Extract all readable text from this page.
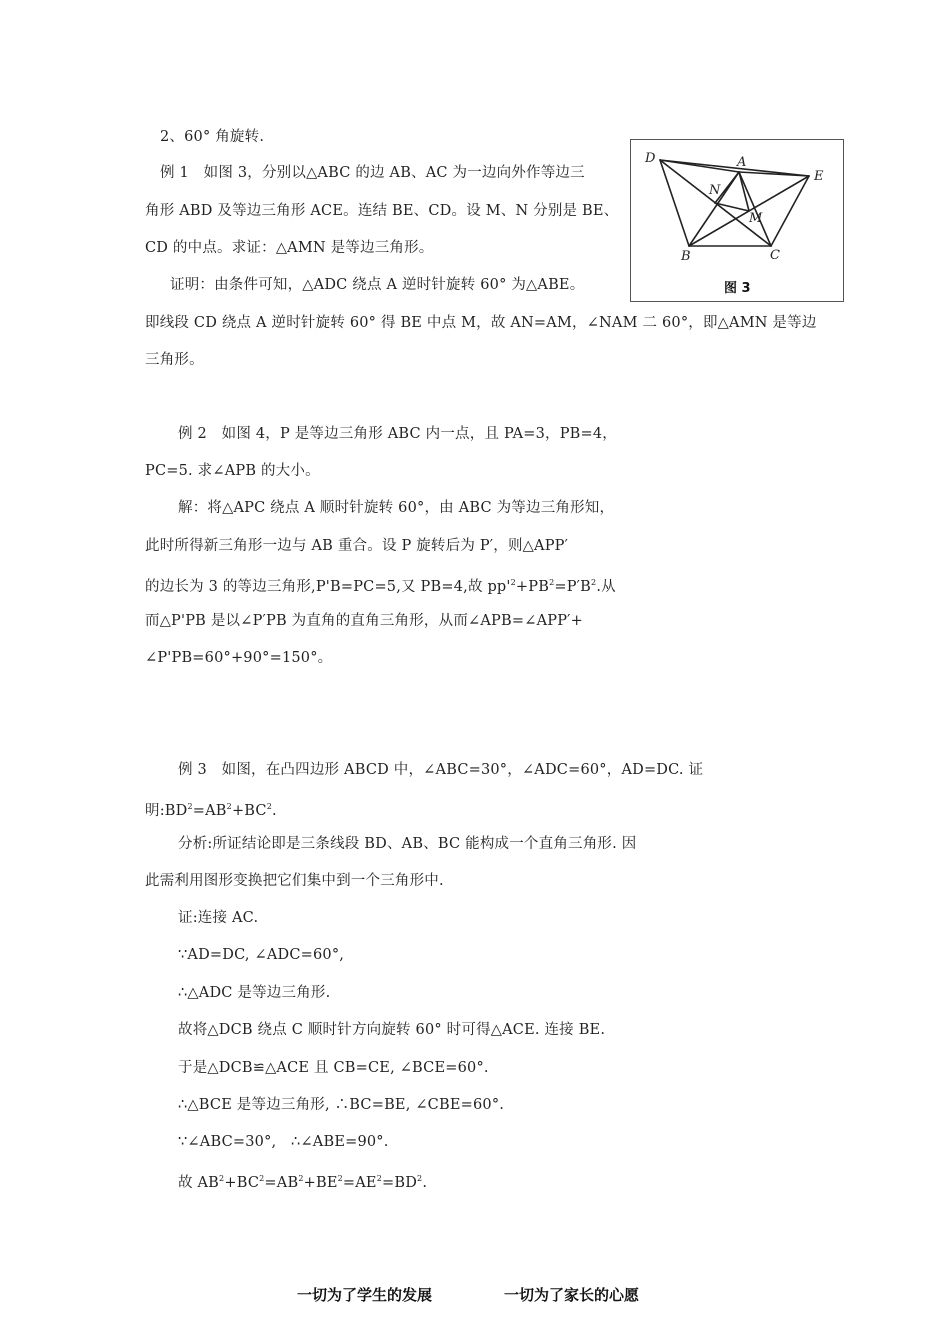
2、60° 角旋转.
例 1　如图 3，分别以△ABC 的边 AB、AC 为一边向外作等边三
角形 ABD 及等边三角形 ACE。连结 BE、CD。设 M、N 分别是 BE、
CD 的中点。求证：△AMN 是等边三角形。
证明：由条件可知，△ADC 绕点 A 逆时针旋转 60° 为△ABE。
即线段 CD 绕点 A 逆时针旋转 60° 得 BE 中点 M，故 AN=AM，∠NAM 二 60°，即△AMN 是等边
三角形。
D	A
E
N
M
B	C
图 3
例 2　如图 4，P 是等边三角形 ABC 内一点，且 PA=3，PB=4，
PC=5. 求∠APB 的大小。
解：将△APC 绕点 A 顺时针旋转 60°，由 ABC 为等边三角形知，
此时所得新三角形一边与 AB 重合。设 P 旋转后为 P′，则△APP′
的边长为 3 的等边三角形,P'B=PC=5,又 PB=4,故 $pp'^2+PB^2=P'B^2$.从
而△P'PB 是以∠P′PB 为直角的直角三角形，从而∠APB=∠APP′+
∠P'PB=60°+90°=150°。
例 3　如图，在凸四边形 ABCD 中，∠ABC=30°，∠ADC=60°，AD=DC. 证
明$:BD^2=AB^2+BC^2$.
分析:所证结论即是三条线段 BD、AB、BC 能构成一个直角三角形. 因
此需利用图形变换把它们集中到一个三角形中.
证:连接 AC.
∵AD=DC, ∠ADC=60°,
∴△ADC 是等边三角形.
故将△DCB 绕点 C 顺时针方向旋转 60° 时可得△ACE. 连接 BE.
于是△DCB≌△ACE 且 CB=CE, ∠BCE=60°.
∴△BCE 是等边三角形, ∴BC=BE, ∠CBE=60°.
∵∠ABC=30°,　∴∠ABE=90°.
故 $AB^2+BC^2=AB^2+BE^2=AE^2=BD^2$.
一切为了学生的发展	一切为了家长的心愿
